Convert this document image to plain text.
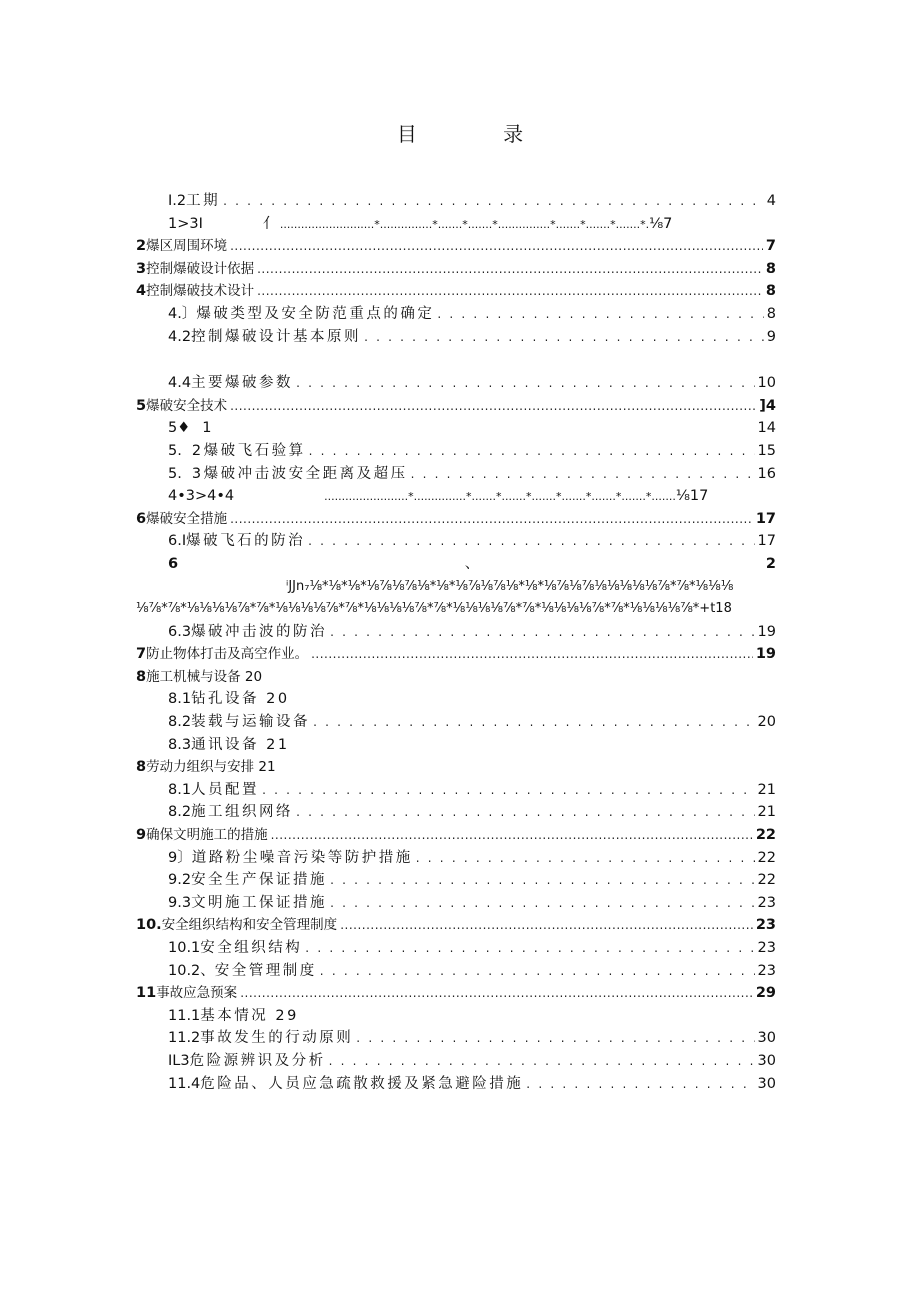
目 录
I.2 工期 . . .	4
1>3I	亻 ...........................*...............*.......*.......*...............*.......*.......*.......*. ⅛7
2 爆区周围环境 .....	7
3 控制爆破设计依据 .....	8
4 控制爆破技术设计 .....	8
4.〕 爆破类型及安全防范重点的确定 . . .	8
4.2 控制爆破设计基本原则 . . .	9
4.4 主要爆破参数 . . .	10
5 爆破安全技术 .....	]4
5♦ 1	14
5. 2爆破飞石验算 . . .	15
5. 3爆破冲击波安全距离及超压 . . .	16
4•3>4•4	........................*...............*.......*.......*.......*.......*.......*.......*....... ⅛17
6 爆破安全措施 .....	17
6.I 爆破飞石的防治 . . .	17
6	、	2
ⁱJJn₇⅛*⅛*⅛*⅛⅞⅛⅞⅛*⅛*⅛⅞⅛⅞⅛*⅛*⅛⅞⅛⅞⅛⅛⅛⅛⅛⅞*⅞*⅛⅛⅛
⅛⅞*⅞*⅛⅛⅛⅛⅞*⅞*⅛⅛⅛⅛⅞*⅞*⅛⅛⅛⅛⅞*⅞*⅛⅛⅛⅛⅞*⅞*⅛⅛⅛⅛⅞*⅞*⅛⅛⅛⅛⅞*+t18
6.3 爆破冲击波的防治 . . .	19
7 防止物体打击及高空作业。 .....	19
8 施工机械与设备 20
8.1 钻孔设备 20
8.2 装载与运输设备 . . .	20
8.3 通讯设备 21
8 劳动力组织与安排 21
8.1 人员配置 . . .	21
8.2 施工组织网络 . . .	21
9 确保文明施工的措施 .....	22
9〕 道路粉尘噪音污染等防护措施 . . .	22
9.2 安全生产保证措施 . . .	22
9.3 文明施工保证措施 . . .	23
10. 安全组织结构和安全管理制度 .....	23
10.1 安全组织结构 . . .	23
10.2、 安全管理制度 . . .	23
11 事故应急预案 .....	29
11.1 基本情况 29
11.2 事故发生的行动原则 . . .	30
IL3 危险源辨识及分析 . . .	30
11.4 危险品、人员应急疏散救援及紧急避险措施 . . .	30
